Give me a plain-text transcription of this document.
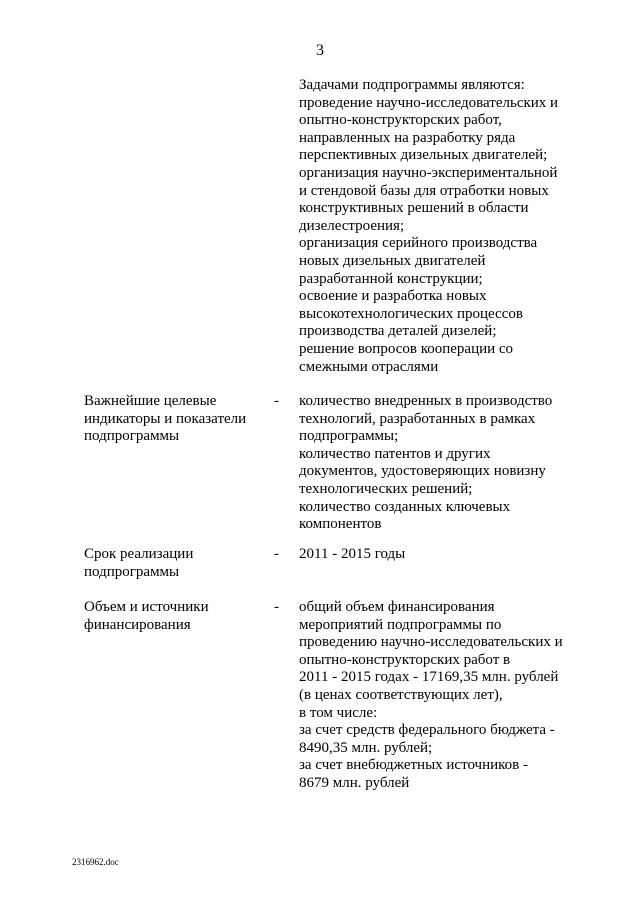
3
Задачами подпрограммы являются:
проведение научно-исследовательских и
опытно-конструкторских работ,
направленных на разработку ряда
перспективных дизельных двигателей;
организация научно-экспериментальной
и стендовой базы для отработки новых
конструктивных решений в области
дизелестроения;
организация серийного производства
новых дизельных двигателей
разработанной конструкции;
освоение и разработка новых
высокотехнологических процессов
производства деталей дизелей;
решение вопросов кооперации со
смежными отраслями
Важнейшие целевые
индикаторы и показатели
подпрограммы
- количество внедренных в производство
технологий, разработанных в рамках
подпрограммы;
количество патентов и других
документов, удостоверяющих новизну
технологических решений;
количество созданных ключевых
компонентов
Срок реализации
подпрограммы
- 2011 - 2015 годы
Объем и источники
финансирования
- общий объем финансирования
мероприятий подпрограммы по
проведению научно-исследовательских и
опытно-конструкторских работ в
2011 - 2015 годах - 17169,35 млн. рублей
(в ценах соответствующих лет),
в том числе:
за счет средств федерального бюджета -
8490,35 млн. рублей;
за счет внебюджетных источников -
8679 млн. рублей
2316962.doc
